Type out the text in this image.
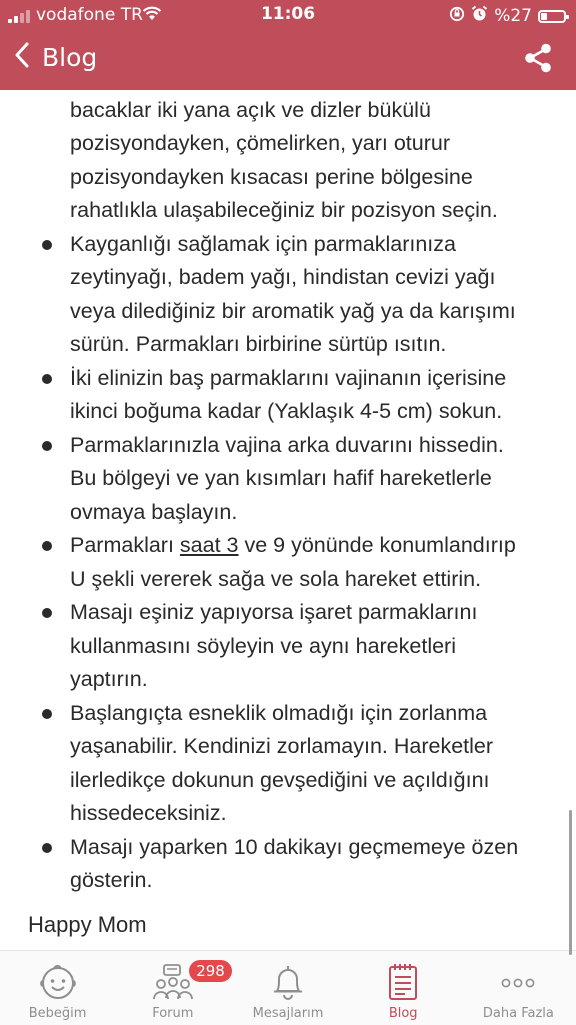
vodafone TR	11:06	%27
Blog
bacaklar iki yana açık ve dizler bükülü
pozisyondayken, çömelirken, yarı oturur
pozisyondayken kısacası perine bölgesine
rahatlıkla ulaşabileceğiniz bir pozisyon seçin.
Kayganlığı sağlamak için parmaklarınıza
zeytinyağı, badem yağı, hindistan cevizi yağı
veya dilediğiniz bir aromatik yağ ya da karışımı
sürün. Parmakları birbirine sürtüp ısıtın.
İki elinizin baş parmaklarını vajinanın içerisine
ikinci boğuma kadar (Yaklaşık 4-5 cm) sokun.
Parmaklarınızla vajina arka duvarını hissedin.
Bu bölgeyi ve yan kısımları hafif hareketlerle
ovmaya başlayın.
Parmakları saat 3 ve 9 yönünde konumlandırıp
U şekli vererek sağa ve sola hareket ettirin.
Masajı eşiniz yapıyorsa işaret parmaklarını
kullanmasını söyleyin ve aynı hareketleri
yaptırın.
Başlangıçta esneklik olmadığı için zorlanma
yaşanabilir. Kendinizi zorlamayın. Hareketler
ilerledikçe dokunun gevşediğini ve açıldığını
hissedeceksiniz.
Masajı yaparken 10 dakikayı geçmemeye özen
gösterin.
Happy Mom
Bebeğim
298
Forum	Mesajlarım	Blog	Daha Fazla
